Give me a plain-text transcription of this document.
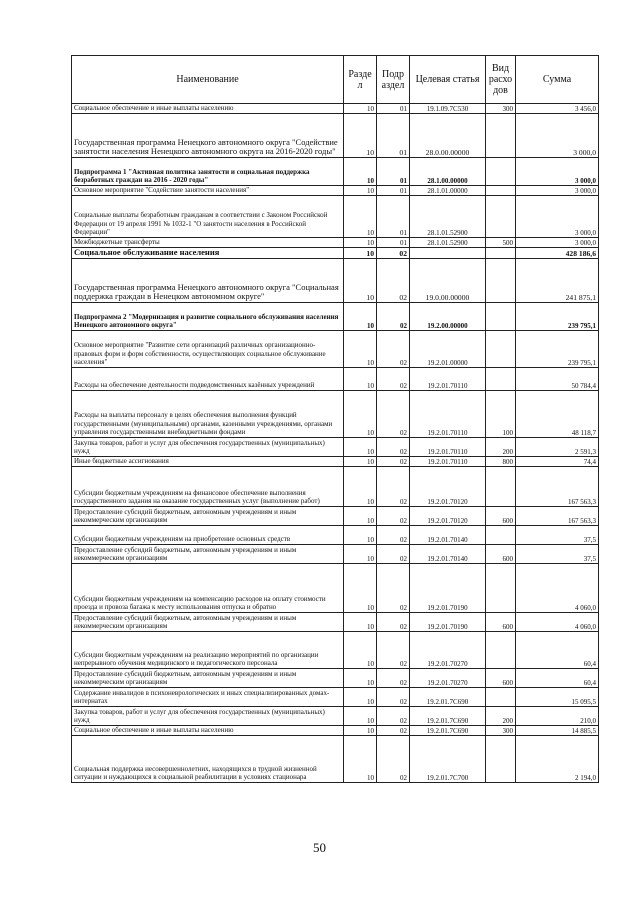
Наименование	Разде л	Подр аздел	Целевая статья	Вид расхо дов	Сумма
Социальное обеспечение и иные выплаты населению	10	01	19.1.09.7С530	300	3 456,0
Государственная программа Ненецкого автономного округа "Содействие занятости населения Ненецкого автономного округа на 2016-2020 годы"	10	01	28.0.00.00000		3 000,0
Подпрограмма 1 "Активная политика занятости и социальная поддержка безработных граждан на 2016 - 2020 годы"	10	01	28.1.00.00000		3 000,0
Основное мероприятие "Содействие занятости населения"	10	01	28.1.01.00000		3 000,0
Социальные выплаты безработным гражданам в соответствии с Законом Российской Федерации от 19 апреля 1991 № 1032-1 "О занятости населения в Российской Федерации"	10	01	28.1.01.52900		3 000,0
Межбюджетные трансферты	10	01	28.1.01.52900	500	3 000,0
Социальное обслуживание населения	10	02			428 186,6
Государственная программа Ненецкого автономного округа "Социальная поддержка граждан в Ненецком автономном округе"	10	02	19.0.00.00000		241 875,1
Подпрограмма 2 "Модернизация и развитие социального обслуживания населения Ненецкого автономного округа"	10	02	19.2.00.00000		239 795,1
Основное мероприятие "Развитие сети организаций различных организационно-правовых форм и форм собственности, осуществляющих социальное обслуживание населения"	10	02	19.2.01.00000		239 795,1
Расходы на обеспечение деятельности подведомственных казённых учреждений	10	02	19.2.01.70110		50 784,4
Расходы на выплаты персоналу в целях обеспечения выполнения функций государственными (муниципальными) органами, казенными учреждениями, органами управления государственными внебюджетными фондами	10	02	19.2.01.70110	100	48 118,7
Закупка товаров, работ и услуг для обеспечения государственных (муниципальных) нужд	10	02	19.2.01.70110	200	2 591,3
Иные бюджетные ассигнования	10	02	19.2.01.70110	800	74,4
Субсидии бюджетным учреждениям на финансовое обеспечение выполнения государственного задания на оказание государственных услуг (выполнение работ)	10	02	19.2.01.70120		167 563,3
Предоставление субсидий бюджетным, автономным учреждениям и иным некоммерческим организациям	10	02	19.2.01.70120	600	167 563,3
Субсидии бюджетным учреждениям на приобретение основных средств	10	02	19.2.01.70140		37,5
Предоставление субсидий бюджетным, автономным учреждениям и иным некоммерческим организациям	10	02	19.2.01.70140	600	37,5
Субсидии бюджетным учреждениям на компенсацию расходов на оплату стоимости проезда и провоза багажа к месту использования отпуска и обратно	10	02	19.2.01.70190		4 060,0
Предоставление субсидий бюджетным, автономным учреждениям и иным некоммерческим организациям	10	02	19.2.01.70190	600	4 060,0
Субсидии бюджетным учреждениям на реализацию мероприятий по организации непрерывного обучения медицинского и педагогического персонала	10	02	19.2.01.70270		60,4
Предоставление субсидий бюджетным, автономным учреждениям и иным некоммерческим организациям	10	02	19.2.01.70270	600	60,4
Содержание инвалидов в психоневрологических и иных специализированных домах-интернатах	10	02	19.2.01.7С690		15 095,5
Закупка товаров, работ и услуг для обеспечения государственных (муниципальных) нужд	10	02	19.2.01.7С690	200	210,0
Социальное обеспечение и иные выплаты населению	10	02	19.2.01.7С690	300	14 885,5
Социальная поддержка несовершеннолетних, находящихся в трудной жизненной ситуации и нуждающихся в социальной реабилитации в условиях стационара	10	02	19.2.01.7С700		2 194,0
50
